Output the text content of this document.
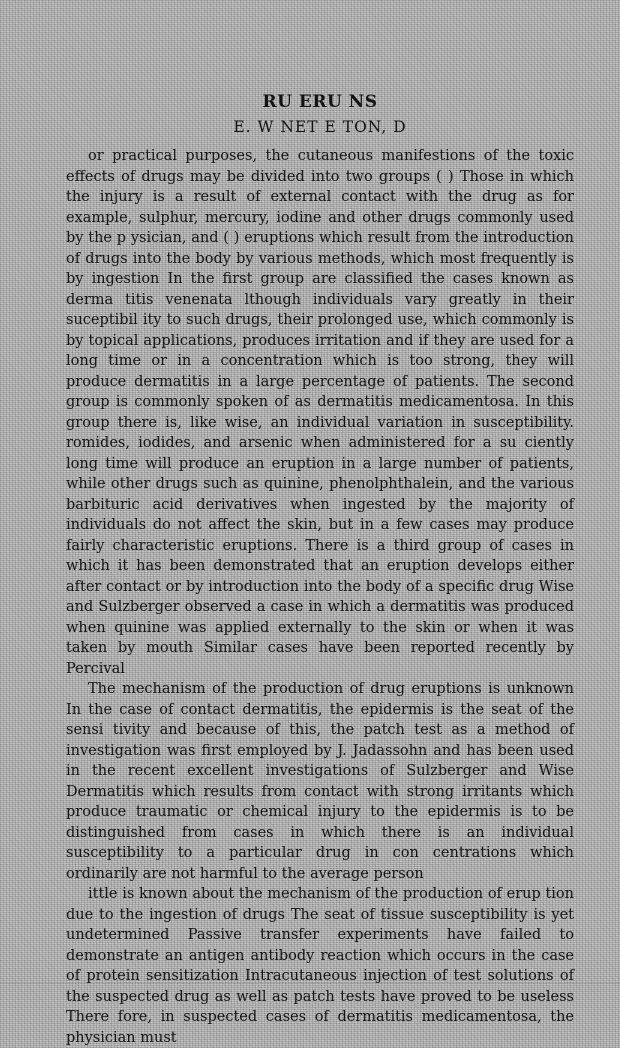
RU ERU NS
E. W NET E TON, D

or practical purposes, the cutaneous manifestions of the toxic effects of drugs may be divided into two groups ( ) Those in which the injury is a result of external contact with the drug as for example, sulphur, mercury, iodine and other drugs commonly used by the p ysician, and ( ) eruptions which result from the introduction of drugs into the body by various methods, which most frequently is by ingestion In the first group are classified the cases known as derma titis venenata lthough individuals vary greatly in their suceptibil ity to such drugs, their prolonged use, which commonly is by topical applications, produces irritation and if they are used for a long time or in a concentration which is too strong, they will produce dermatitis in a large percentage of patients. The second group is commonly spoken of as dermatitis medicamentosa. In this group there is, like wise, an individual variation in susceptibility. romides, iodides, and arsenic when administered for a su ciently long time will produce an eruption in a large number of patients, while other drugs such as quinine, phenolphthalein, and the various barbituric acid derivatives when ingested by the majority of individuals do not affect the skin, but in a few cases may produce fairly characteristic eruptions. There is a third group of cases in which it has been demonstrated that an eruption develops either after contact or by introduction into the body of a specific drug Wise and Sulzberger observed a case in which a dermatitis was produced when quinine was applied externally to the skin or when it was taken by mouth Similar cases have been reported recently by Percival

The mechanism of the production of drug eruptions is unknown In the case of contact dermatitis, the epidermis is the seat of the sensi tivity and because of this, the patch test as a method of investigation was first employed by J. Jadassohn and has been used in the recent excellent investigations of Sulzberger and Wise Dermatitis which results from contact with strong irritants which produce traumatic or chemical injury to the epidermis is to be distinguished from cases in which there is an individual susceptibility to a particular drug in con centrations which ordinarily are not harmful to the average person

ittle is known about the mechanism of the production of erup tion due to the ingestion of drugs The seat of tissue susceptibility is yet undetermined Passive transfer experiments have failed to demonstrate an antigen antibody reaction which occurs in the case of protein sensitization Intracutaneous injection of test solutions of the suspected drug as well as patch tests have proved to be useless There fore, in suspected cases of dermatitis medicamentosa, the physician must
